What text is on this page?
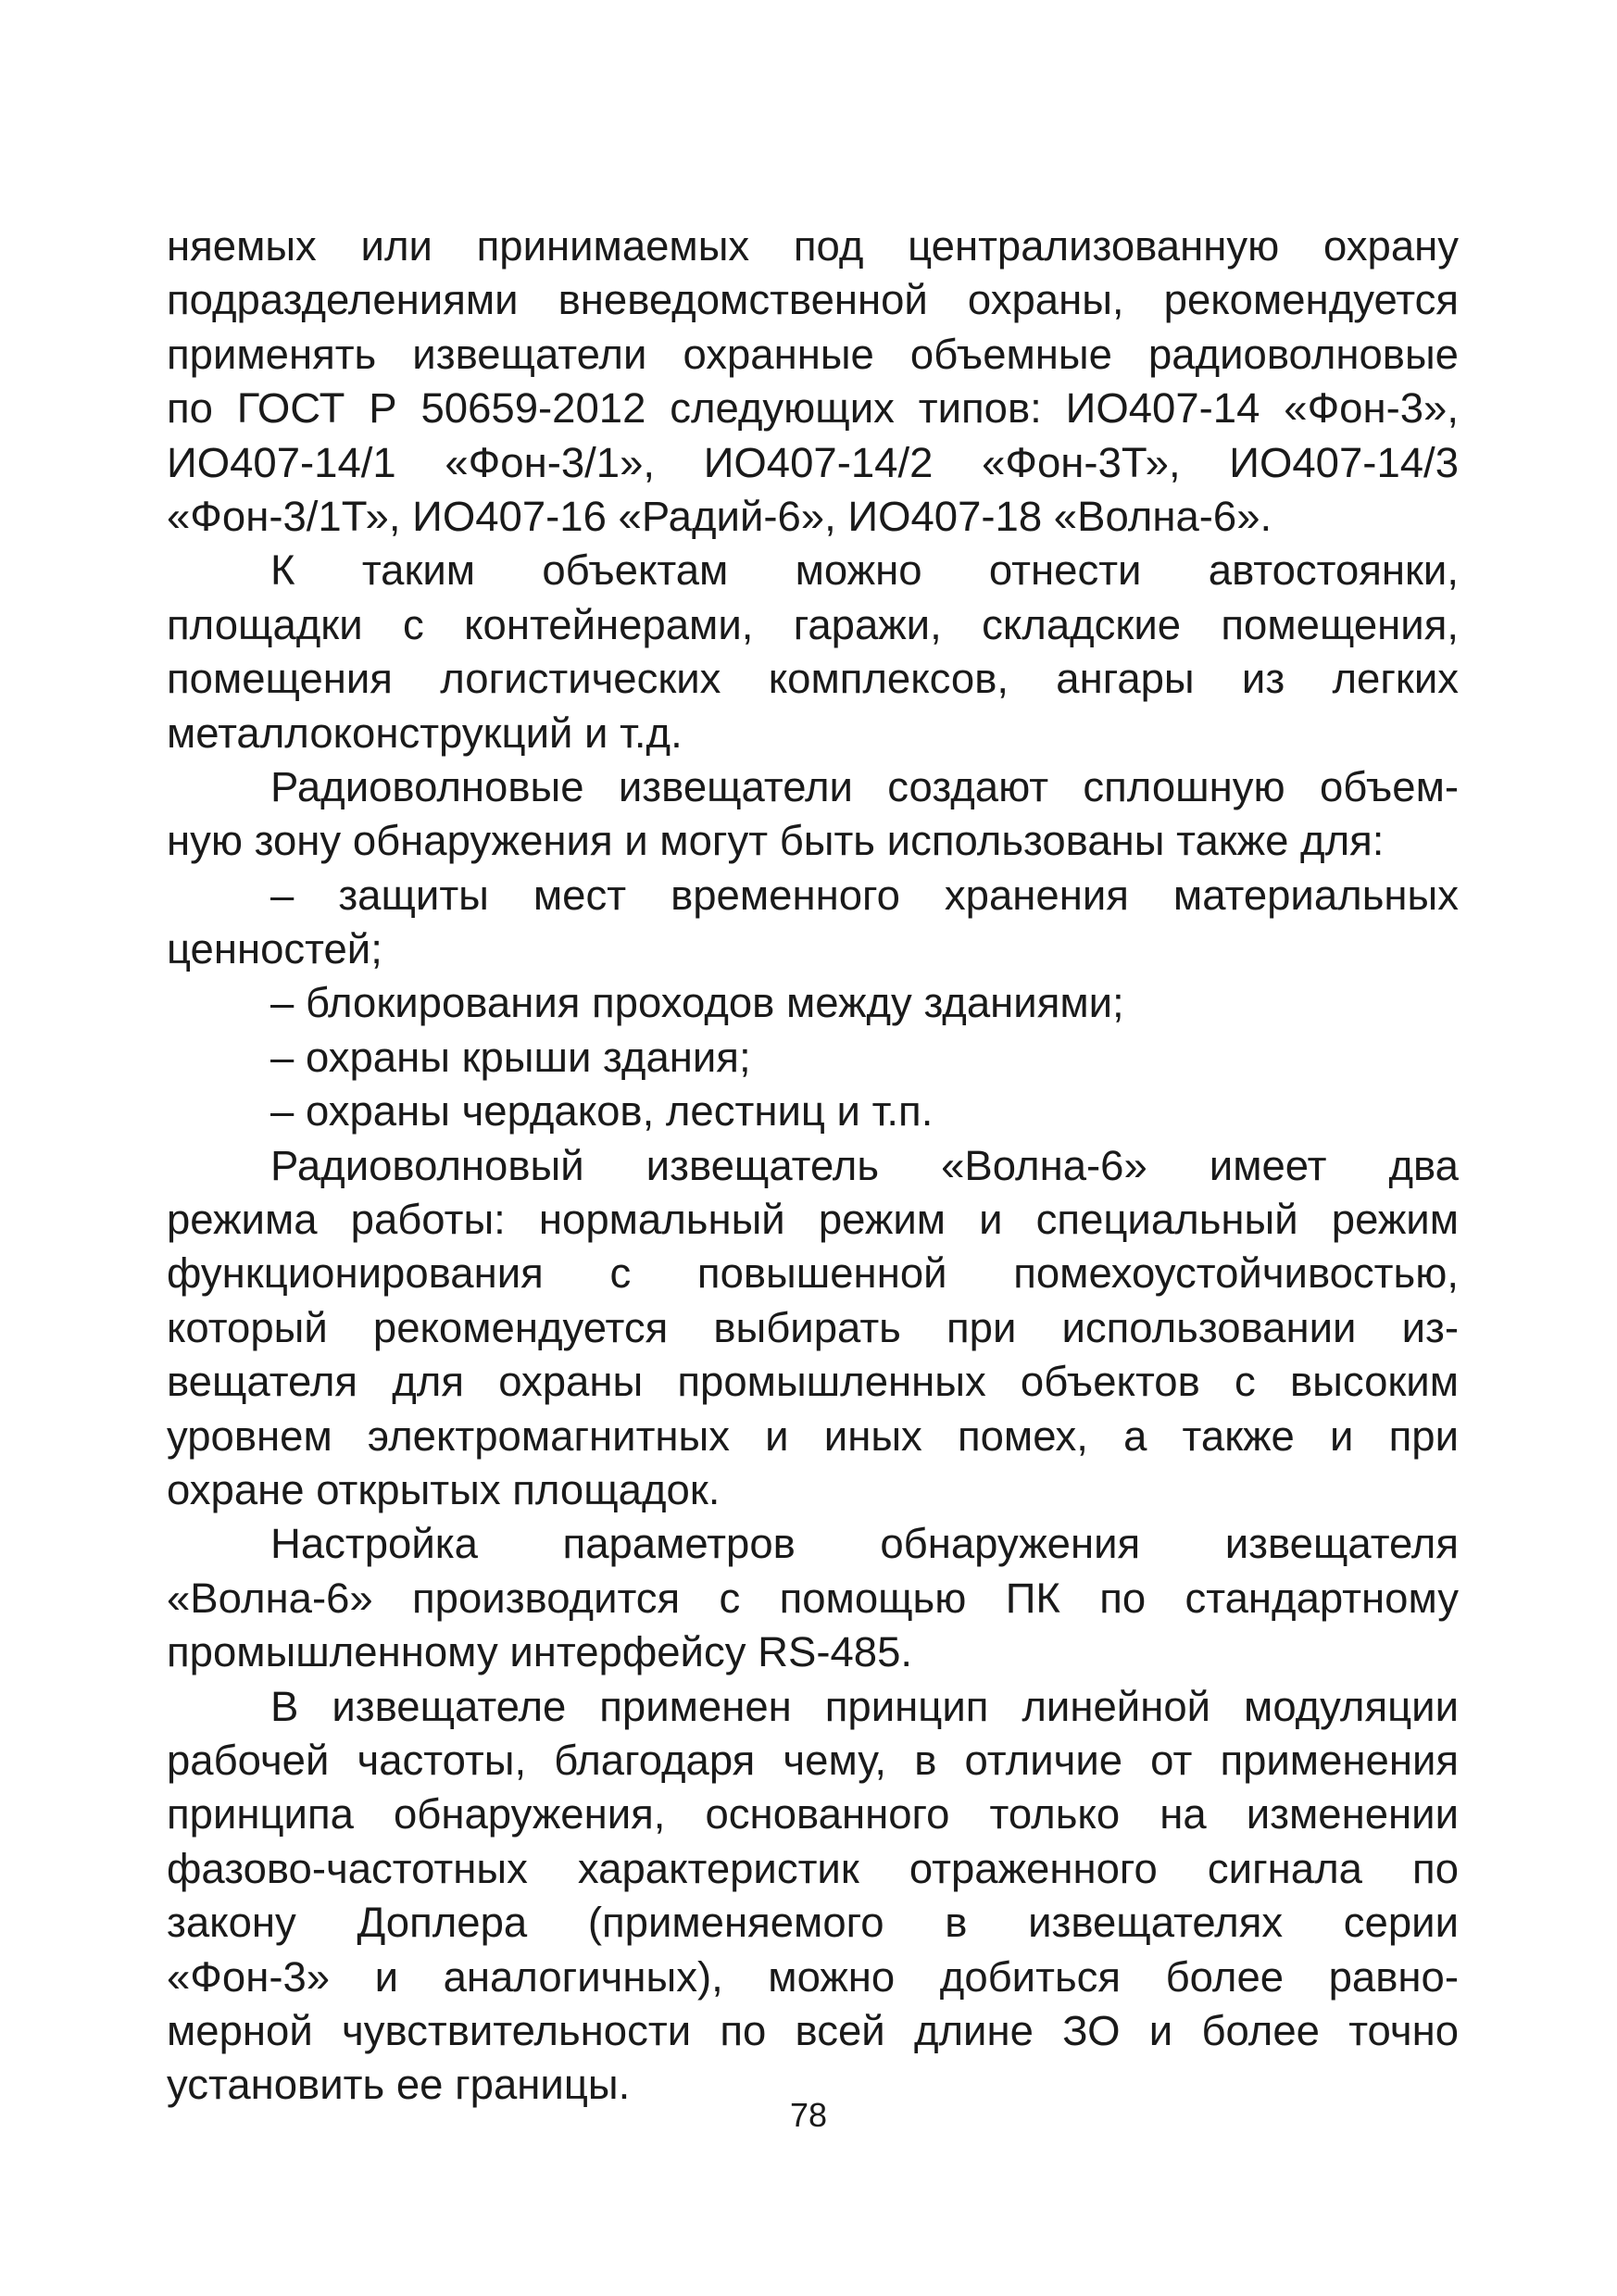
няемых или принимаемых под централизованную охрану
подразделениями вневедомственной охраны, рекомендуется
применять извещатели охранные объемные радиоволновые
по ГОСТ Р 50659-2012 следующих типов: ИО407-14 «Фон-3»,
ИО407-14/1 «Фон-3/1», ИО407-14/2 «Фон-3Т», ИО407-14/3
«Фон-3/1Т», ИО407-16 «Радий-6», ИО407-18 «Волна-6».
К таким объектам можно отнести автостоянки,
площадки с контейнерами, гаражи, складские помещения,
помещения логистических комплексов, ангары из легких
металлоконструкций и т.д.
Радиоволновые извещатели создают сплошную объем-
ную зону обнаружения и могут быть использованы также для:
– защиты мест временного хранения материальных
ценностей;
– блокирования проходов между зданиями;
– охраны крыши здания;
– охраны чердаков, лестниц и т.п.
Радиоволновый извещатель «Волна-6» имеет два
режима работы: нормальный режим и специальный режим
функционирования с повышенной помехоустойчивостью,
который рекомендуется выбирать при использовании из-
вещателя для охраны промышленных объектов с высоким
уровнем электромагнитных и иных помех, а также и при
охране открытых площадок.
Настройка параметров обнаружения извещателя
«Волна-6» производится с помощью ПК по стандартному
промышленному интерфейсу RS-485.
В извещателе применен принцип линейной модуляции
рабочей частоты, благодаря чему, в отличие от применения
принципа обнаружения, основанного только на изменении
фазово-частотных характеристик отраженного сигнала по
закону Доплера (применяемого в извещателях серии
«Фон-3» и аналогичных), можно добиться более равно-
мерной чувствительности по всей длине ЗО и более точно
установить ее границы.
78
